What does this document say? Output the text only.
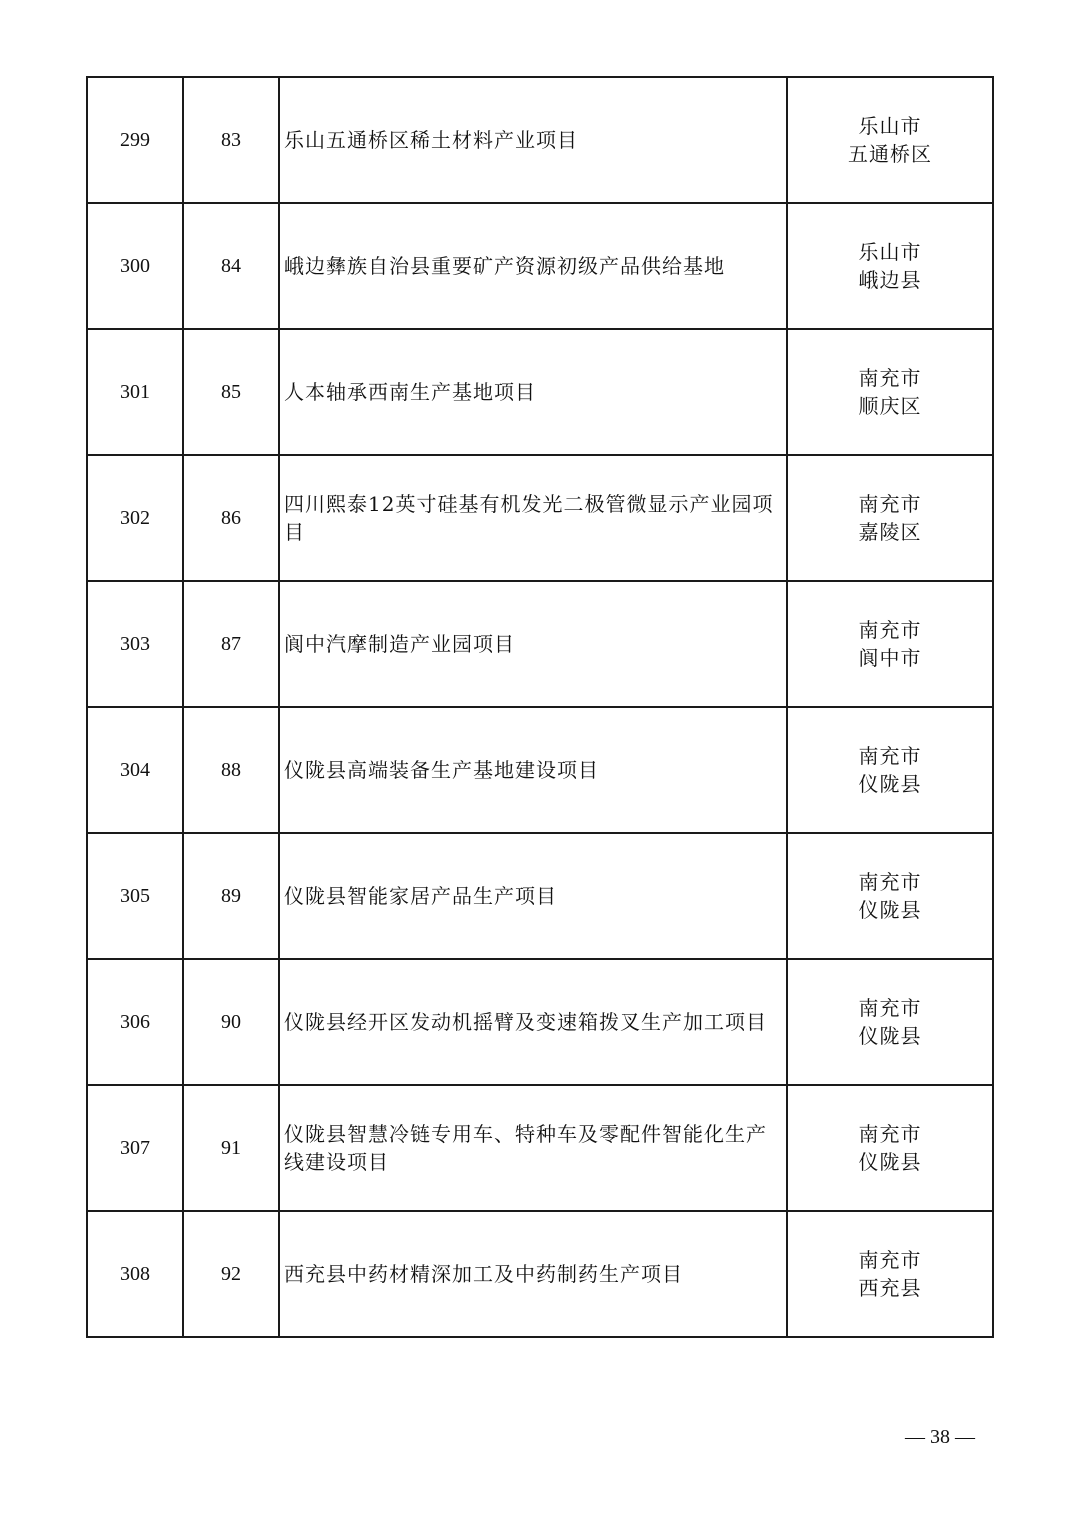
299	83	乐山五通桥区稀土材料产业项目	乐山市
五通桥区

300	84	峨边彝族自治县重要矿产资源初级产品供给基地	乐山市
峨边县

301	85	人本轴承西南生产基地项目	南充市
顺庆区

302	86	四川熙泰12英寸硅基有机发光二极管微显示产业园项目	南充市
嘉陵区

303	87	阆中汽摩制造产业园项目	南充市
阆中市

304	88	仪陇县高端装备生产基地建设项目	南充市
仪陇县

305	89	仪陇县智能家居产品生产项目	南充市
仪陇县

306	90	仪陇县经开区发动机摇臂及变速箱拨叉生产加工项目	南充市
仪陇县

307	91	仪陇县智慧冷链专用车、特种车及零配件智能化生产线建设项目	南充市
仪陇县

308	92	西充县中药材精深加工及中药制药生产项目	南充市
西充县
— 38 —
